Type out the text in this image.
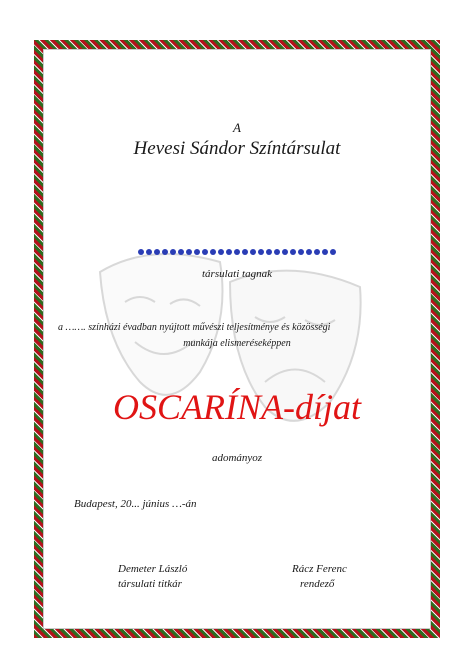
A
Hevesi Sándor Színtársulat
társulati tagnak
a ……. színházi évadban nyújtott művészi teljesítménye és közösségi
munkája elismeréseképpen
OSCARÍNA-díjat
adományoz
Budapest, 20... június …-án
Demeter László
társulati titkár
Rácz Ferenc
rendező
